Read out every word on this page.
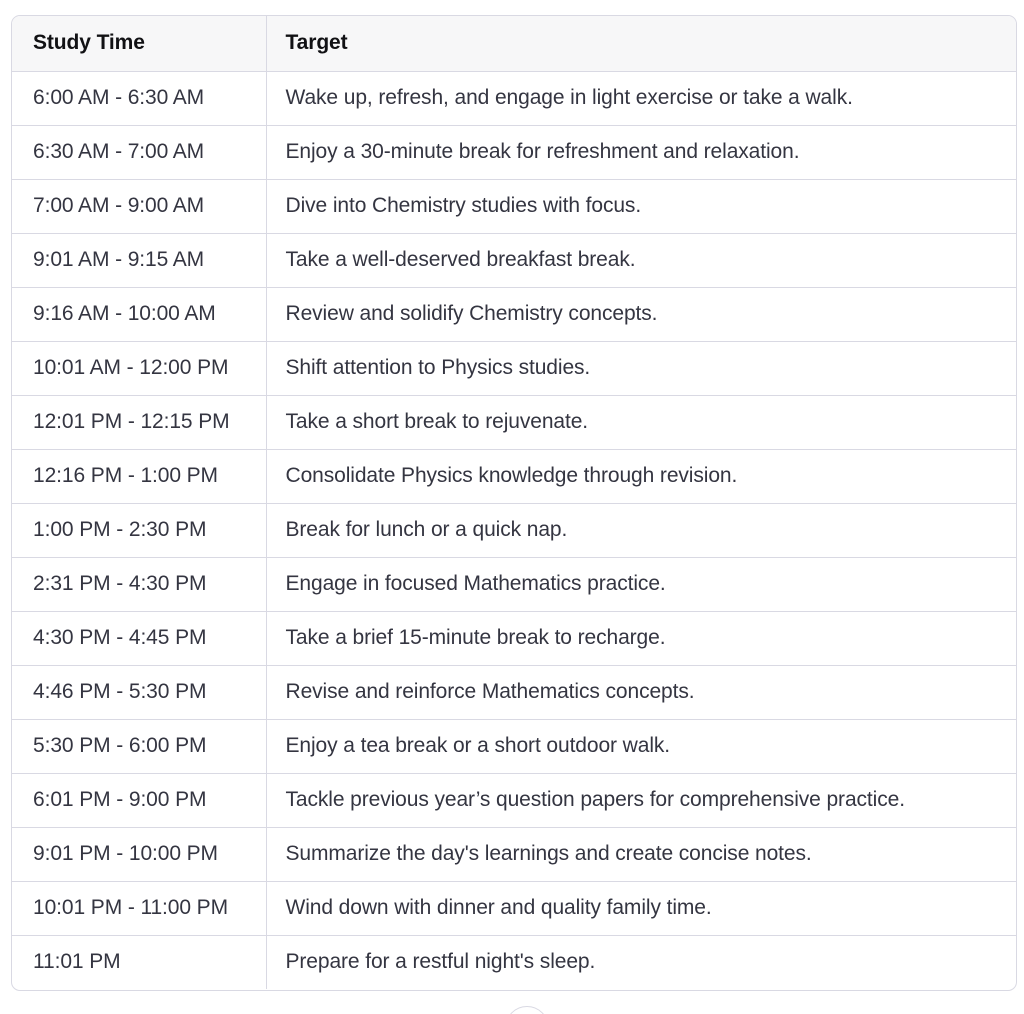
Study Time	Target
6:00 AM - 6:30 AM	Wake up, refresh, and engage in light exercise or take a walk.
6:30 AM - 7:00 AM	Enjoy a 30-minute break for refreshment and relaxation.
7:00 AM - 9:00 AM	Dive into Chemistry studies with focus.
9:01 AM - 9:15 AM	Take a well-deserved breakfast break.
9:16 AM - 10:00 AM	Review and solidify Chemistry concepts.
10:01 AM - 12:00 PM	Shift attention to Physics studies.
12:01 PM - 12:15 PM	Take a short break to rejuvenate.
12:16 PM - 1:00 PM	Consolidate Physics knowledge through revision.
1:00 PM - 2:30 PM	Break for lunch or a quick nap.
2:31 PM - 4:30 PM	Engage in focused Mathematics practice.
4:30 PM - 4:45 PM	Take a brief 15-minute break to recharge.
4:46 PM - 5:30 PM	Revise and reinforce Mathematics concepts.
5:30 PM - 6:00 PM	Enjoy a tea break or a short outdoor walk.
6:01 PM - 9:00 PM	Tackle previous year’s question papers for comprehensive practice.
9:01 PM - 10:00 PM	Summarize the day's learnings and create concise notes.
10:01 PM - 11:00 PM	Wind down with dinner and quality family time.
11:01 PM	Prepare for a restful night's sleep.
